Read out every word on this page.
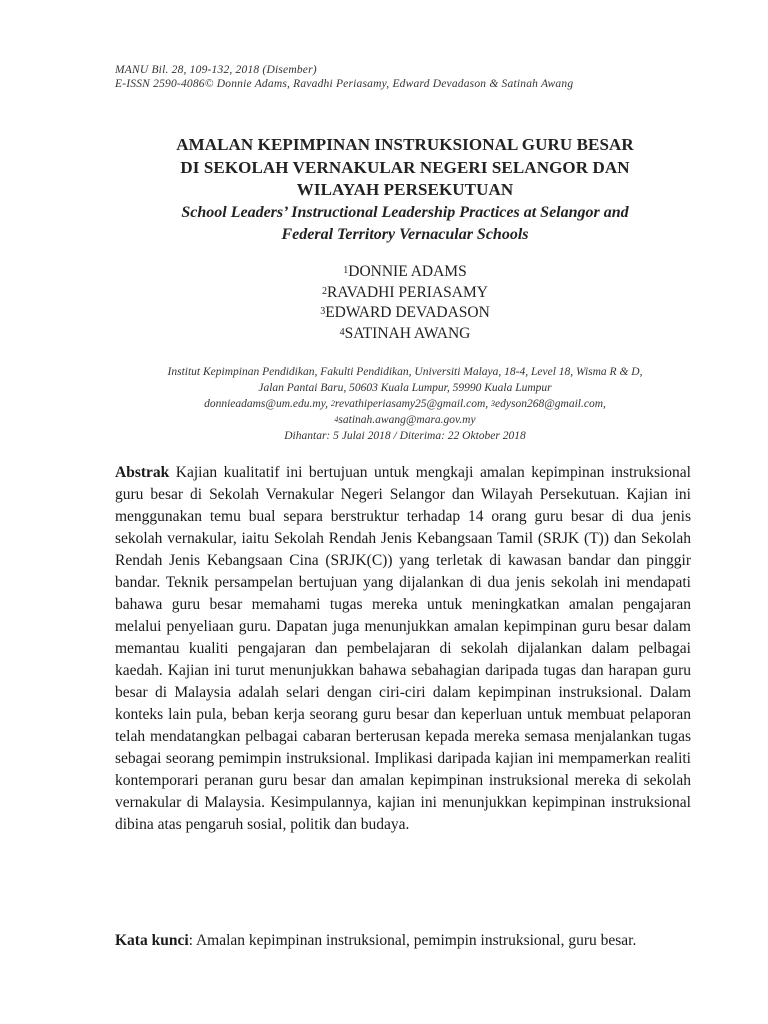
MANU Bil. 28, 109-132, 2018 (Disember)
E-ISSN 2590-4086© Donnie Adams, Ravadhi Periasamy, Edward Devadason & Satinah Awang
AMALAN KEPIMPINAN INSTRUKSIONAL GURU BESAR
DI SEKOLAH VERNAKULAR NEGERI SELANGOR DAN
WILAYAH PERSEKUTUAN
School Leaders’ Instructional Leadership Practices at Selangor and
Federal Territory Vernacular Schools
$^1$DONNIE ADAMS
$^2$RAVADHI PERIASAMY
$^3$EDWARD DEVADASON
$^4$SATINAH AWANG
Institut Kepimpinan Pendidikan, Fakulti Pendidikan, Universiti Malaya, 18-4, Level 18, Wisma R & D,
Jalan Pantai Baru, 50603 Kuala Lumpur, 59990 Kuala Lumpur
donnieadams@um.edu.my, $^2$revathiperiasamy25@gmail.com, $^3$edyson268@gmail.com,
$^4$satinah.awang@mara.gov.my
Dihantar: 5 Julai 2018 / Diterima: 22 Oktober 2018
Abstrak Kajian kualitatif ini bertujuan untuk mengkaji amalan kepimpinan instruksional guru besar di Sekolah Vernakular Negeri Selangor dan Wilayah Persekutuan. Kajian ini menggunakan temu bual separa berstruktur terhadap 14 orang guru besar di dua jenis sekolah vernakular, iaitu Sekolah Rendah Jenis Kebangsaan Tamil (SRJK (T)) dan Sekolah Rendah Jenis Kebangsaan Cina (SRJK(C)) yang terletak di kawasan bandar dan pinggir bandar. Teknik persampelan bertujuan yang dijalankan di dua jenis sekolah ini mendapati bahawa guru besar memahami tugas mereka untuk meningkatkan amalan pengajaran melalui penyeliaan guru. Dapatan juga menunjukkan amalan kepimpinan guru besar dalam memantau kualiti pengajaran dan pembelajaran di sekolah dijalankan dalam pelbagai kaedah. Kajian ini turut menunjukkan bahawa sebahagian daripada tugas dan harapan guru besar di Malaysia adalah selari dengan ciri-ciri dalam kepimpinan instruksional. Dalam konteks lain pula, beban kerja seorang guru besar dan keperluan untuk membuat pelaporan telah mendatangkan pelbagai cabaran berterusan kepada mereka semasa menjalankan tugas sebagai seorang pemimpin instruksional. Implikasi daripada kajian ini mempamerkan realiti kontemporari peranan guru besar dan amalan kepimpinan instruksional mereka di sekolah vernakular di Malaysia. Kesimpulannya, kajian ini menunjukkan kepimpinan instruksional dibina atas pengaruh sosial, politik dan budaya.
Kata kunci: Amalan kepimpinan instruksional, pemimpin instruksional, guru besar.
